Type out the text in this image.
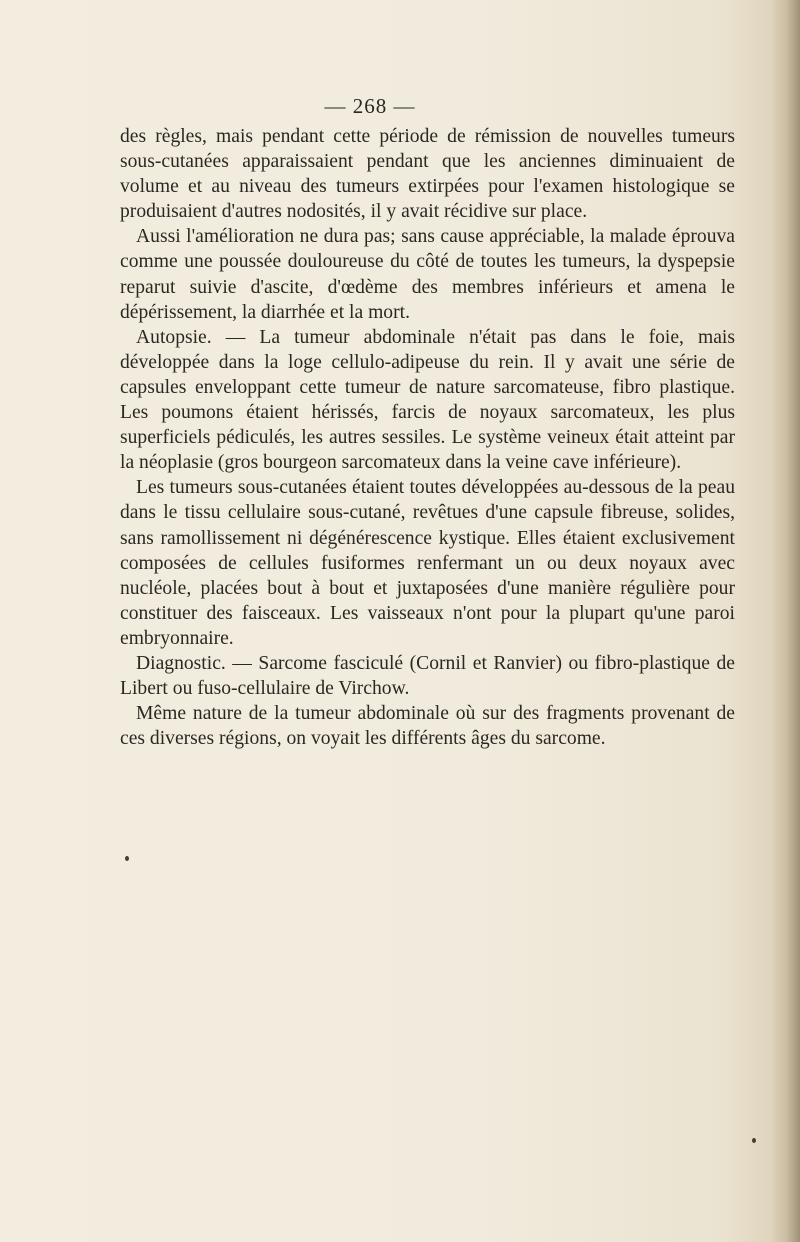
— 268 —

des règles, mais pendant cette période de rémission de nouvelles tumeurs sous-cutanées apparaissaient pendant que les anciennes diminuaient de volume et au niveau des tumeurs extirpées pour l'examen histologique se produisaient d'autres nodosités, il y avait récidive sur place.

Aussi l'amélioration ne dura pas; sans cause appréciable, la malade éprouva comme une poussée douloureuse du côté de toutes les tumeurs, la dyspepsie reparut suivie d'ascite, d'œdème des membres inférieurs et amena le dépérissement, la diarrhée et la mort.

Autopsie. — La tumeur abdominale n'était pas dans le foie, mais développée dans la loge cellulo-adipeuse du rein. Il y avait une série de capsules enveloppant cette tumeur de nature sarcomateuse, fibro plastique. Les poumons étaient hérissés, farcis de noyaux sarcomateux, les plus superficiels pédiculés, les autres sessiles. Le système veineux était atteint par la néoplasie (gros bourgeon sarcomateux dans la veine cave inférieure).

Les tumeurs sous-cutanées étaient toutes développées au-dessous de la peau dans le tissu cellulaire sous-cutané, revêtues d'une capsule fibreuse, solides, sans ramollissement ni dégénérescence kystique. Elles étaient exclusivement composées de cellules fusiformes renfermant un ou deux noyaux avec nucléole, placées bout à bout et juxtaposées d'une manière régulière pour constituer des faisceaux. Les vaisseaux n'ont pour la plupart qu'une paroi embryonnaire.

Diagnostic. — Sarcome fasciculé (Cornil et Ranvier) ou fibro-plastique de Libert ou fuso-cellulaire de Virchow.

Même nature de la tumeur abdominale où sur des fragments provenant de ces diverses régions, on voyait les différents âges du sarcome.
